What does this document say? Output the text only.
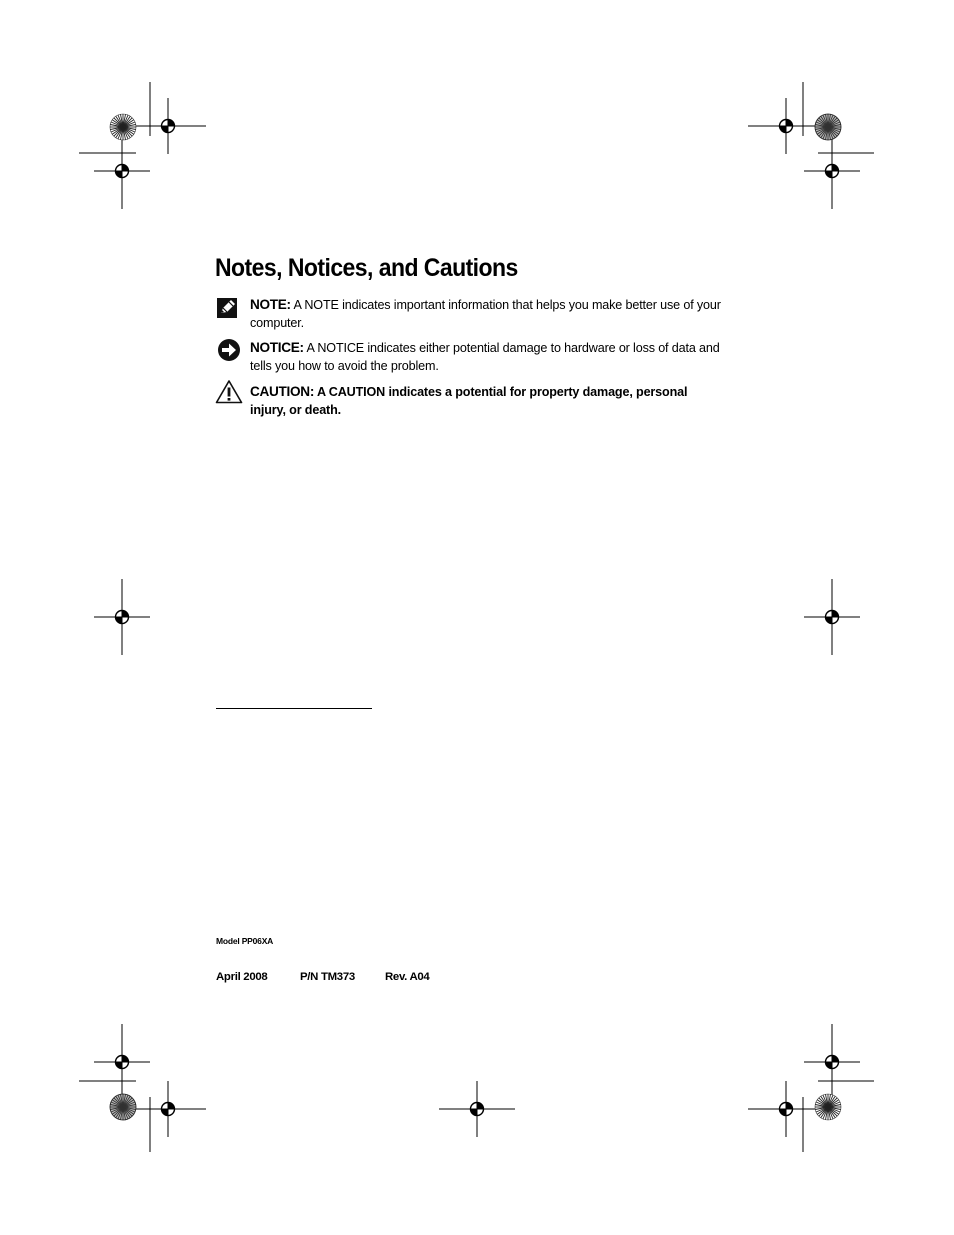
Notes, Notices, and Cautions
NOTE: A NOTE indicates important information that helps you make better use of your computer.
NOTICE: A NOTICE indicates either potential damage to hardware or loss of data and tells you how to avoid the problem.
CAUTION: A CAUTION indicates a potential for property damage, personal injury, or death.
Model PP06XA
April 2008	P/N TM373	Rev. A04
